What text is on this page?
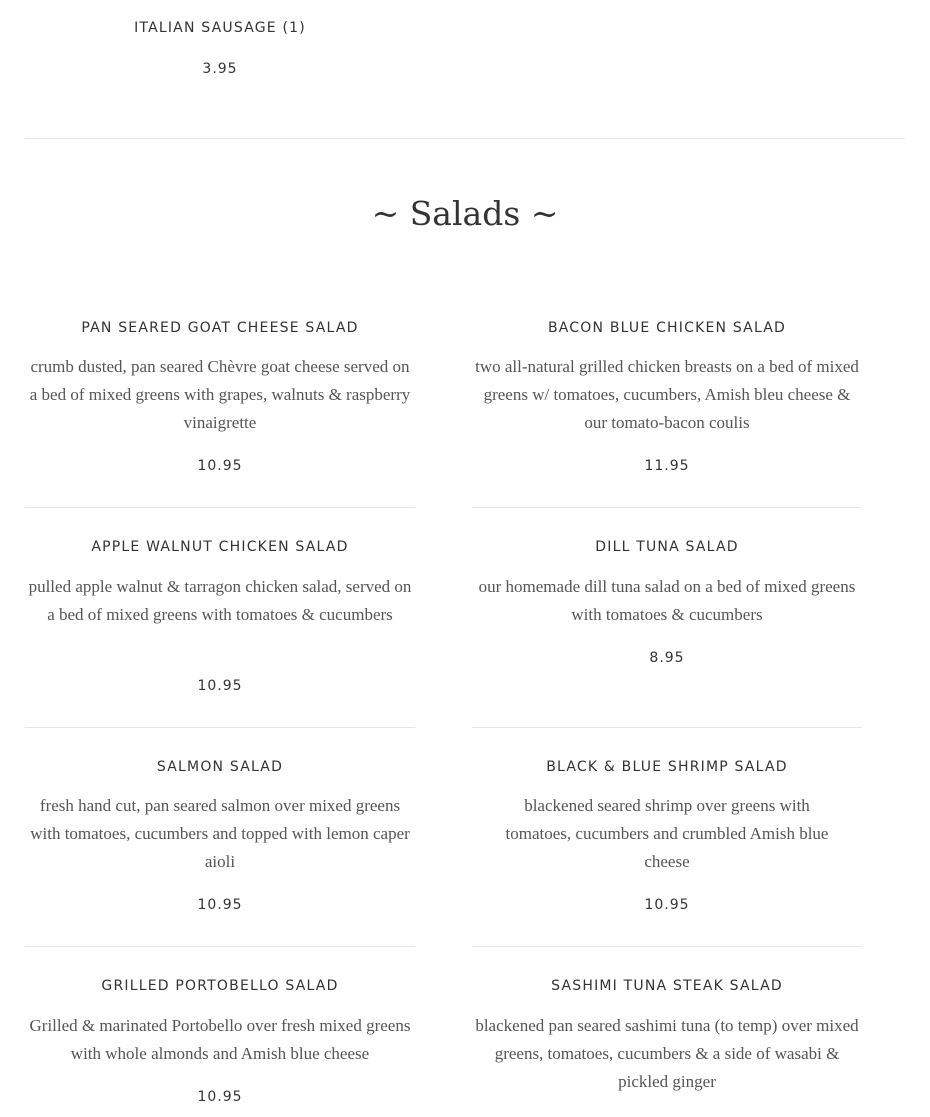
ITALIAN SAUSAGE (1)
3.95
~ Salads ~
PAN SEARED GOAT CHEESE SALAD
crumb dusted, pan seared Chèvre goat cheese served on a bed of mixed greens with grapes, walnuts & raspberry vinaigrette
10.95
BACON BLUE CHICKEN SALAD
two all-natural grilled chicken breasts on a bed of mixed greens w/ tomatoes, cucumbers, Amish bleu cheese & our tomato-bacon coulis
11.95
APPLE WALNUT CHICKEN SALAD
pulled apple walnut & tarragon chicken salad, served on a bed of mixed greens with tomatoes & cucumbers
10.95
DILL TUNA SALAD
our homemade dill tuna salad on a bed of mixed greens with tomatoes & cucumbers
8.95
SALMON SALAD
fresh hand cut, pan seared salmon over mixed greens with tomatoes, cucumbers and topped with lemon caper aioli
10.95
BLACK & BLUE SHRIMP SALAD
blackened seared shrimp over greens with tomatoes, cucumbers and crumbled Amish blue cheese
10.95
GRILLED PORTOBELLO SALAD
Grilled & marinated Portobello over fresh mixed greens with whole almonds and Amish blue cheese
10.95
SASHIMI TUNA STEAK SALAD
blackened pan seared sashimi tuna (to temp) over mixed greens, tomatoes, cucumbers & a side of wasabi & pickled ginger
